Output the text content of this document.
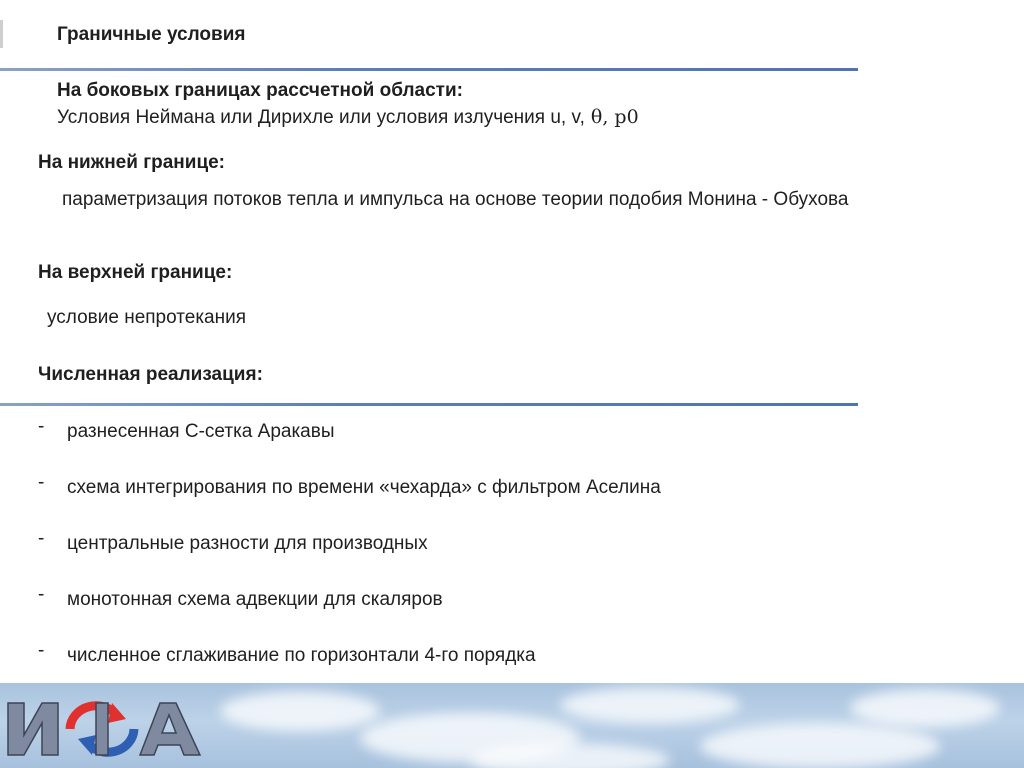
Граничные условия
На боковых границах рассчетной области:
Условия Неймана или Дирихле или условия излучения u, v, θ, p0
На нижней границе:
параметризация потоков тепла и импульса на основе теории подобия Монина - Обухова
На верхней границе:
условие непротекания
Численная реализация:
- разнесенная С-сетка Аракавы
- схема интегрирования по времени «чехарда» с фильтром Аселина
- центральные разности для производных
- монотонная схема адвекции для скаляров
- численное сглаживание по горизонтали 4-го порядка
